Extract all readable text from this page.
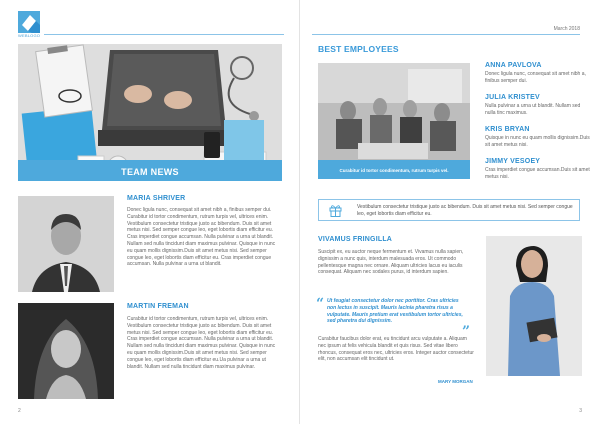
WEBLOGO
TEAM NEWS
MARIA SHRIVER
Donec ligula nunc, consequat sit amet nibh a, finibus semper dui. Curabitur id tortor condimentum, rutrum turpis vel, ultrices enim. Vestibulum consectetur tristique justo ac bibendum. Duis sit amet metus nisi. Sed semper congue leo, eget lobortis diam efficitur eu. Cras imperdiet congue accumsan. Nulla pulvinar a urna ut blandit. Nullam sed nulla tincidunt diam maximus pulvinar. Quisque in nunc eu quam mollis dignissim.Duis sit amet metus nisi. Sed semper congue leo, eget lobortis diam efficitur eu. Cras imperdiet congue accumsan. Nulla pulvinar a urna ut blandit.
MARTIN FREMAN
Curabitur id tortor condimentum, rutrum turpis vel, ultrices enim. Vestibulum consectetur tristique justo ac bibendum. Duis sit amet metus nisi. Sed semper congue leo, eget lobortis diam efficitur eu. Cras imperdiet congue accumsan. Nulla pulvinar a urna ut blandit. Nullam sed nulla tincidunt diam maximus pulvinar. Quisque in nunc eu quam mollis dignissim.Duis sit amet metus nisi. Sed semper congue leo, eget lobortis diam efficitur eu.Ua pulvinar a urna ut blandit. Nullam sed nulla tincidunt diam maximus pulvinar.
2
March 2018
BEST EMPLOYEES
Curabitur id tortor condimentum, rutrum turpis vel.
ANNA PAVLOVA
Donec ligula nunc, consequat sit amet nibh a, finibus semper dui.
JULIA KRISTEV
Nulla pulvinar a urna ut blandit. Nullam sed nulla tinc maximus.
KRIS BRYAN
Quisque in nunc eu quam mollis dignissim.Duis sit amet metus nisi.
JIMMY VESOEY
Cras imperdiet congue accumsan.Duis sit amet metus nisi.
Vestibulum consectetur tristique justo ac bibendum. Duis sit amet metus nisi. Sed semper congue leo, eget lobortis diam efficitur eu.
VIVAMUS FRINGILLA
Suscipit ex, eu auctor neque fermentum et. Vivamus nulla sapien, dignissim a nunc quis, interdum malesuada eros. Ut commodo pellentesque magna nec ornare. Aliquam ultricies lacus eu iaculis consequat. Aliquam nec sodales purus, id interdum sapien.
“ Ut feugiat consectetur dolor nec porttitor. Cras ultricies non lectus in suscipit. Mauris lacinia pharetra risus a vulputate. Mauris pretium erat vestibulum tortor ultricies, sed pharetra dui dignissim.
”
Curabitur faucibus dolor erat, eu tincidunt arcu vulputate a. Aliquam nec ipsum at felis vehicula blandit et quis risus. Sed vitae libero rhoncus, consequat eros nec, ultricies eros. Integer auctor consectetur elit, non accumsan elit tincidunt ut.
MARY MORGAN
3
